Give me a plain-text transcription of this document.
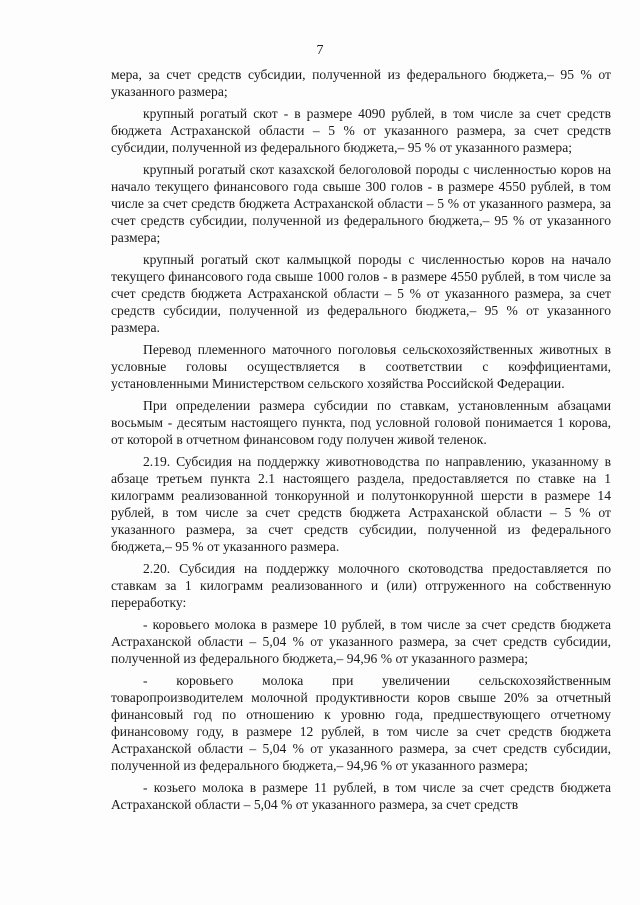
7

мера, за счет средств субсидии, полученной из федерального бюджета,– 95 % от указанного размера;

крупный рогатый скот - в размере 4090 рублей, в том числе за счет средств бюджета Астраханской области – 5 % от указанного размера, за счет средств субсидии, полученной из федерального бюджета,– 95 % от указанного размера;

крупный рогатый скот казахской белоголовой породы с численностью коров на начало текущего финансового года свыше 300 голов - в размере 4550 рублей, в том числе за счет средств бюджета Астраханской области – 5 % от указанного размера, за счет средств субсидии, полученной из федерального бюджета,– 95 % от указанного размера;

крупный рогатый скот калмыцкой породы с численностью коров на начало текущего финансового года свыше 1000 голов - в размере 4550 рублей, в том числе за счет средств бюджета Астраханской области – 5 % от указанного размера, за счет средств субсидии, полученной из федерального бюджета,– 95 % от указанного размера.

Перевод племенного маточного поголовья сельскохозяйственных животных в условные головы осуществляется в соответствии с коэффициентами, установленными Министерством сельского хозяйства Российской Федерации.

При определении размера субсидии по ставкам, установленным абзацами восьмым - десятым настоящего пункта, под условной головой понимается 1 корова, от которой в отчетном финансовом году получен живой теленок.

2.19. Субсидия на поддержку животноводства по направлению, указанному в абзаце третьем пункта 2.1 настоящего раздела, предоставляется по ставке на 1 килограмм реализованной тонкорунной и полутонкорунной шерсти в размере 14 рублей, в том числе за счет средств бюджета Астраханской области – 5 % от указанного размера, за счет средств субсидии, полученной из федерального бюджета,– 95 % от указанного размера.

2.20. Субсидия на поддержку молочного скотоводства предоставляется по ставкам за 1 килограмм реализованного и (или) отгруженного на собственную переработку:

- коровьего молока в размере 10 рублей, в том числе за счет средств бюджета Астраханской области – 5,04 % от указанного размера, за счет средств субсидии, полученной из федерального бюджета,– 94,96 % от указанного размера;

- коровьего молока при увеличении сельскохозяйственным товаропроизводителем молочной продуктивности коров свыше 20% за отчетный финансовый год по отношению к уровню года, предшествующего отчетному финансовому году, в размере 12 рублей, в том числе за счет средств бюджета Астраханской области – 5,04 % от указанного размера, за счет средств субсидии, полученной из федерального бюджета,– 94,96 % от указанного размера;

- козьего молока в размере 11 рублей, в том числе за счет средств бюджета Астраханской области – 5,04 % от указанного размера, за счет средств
